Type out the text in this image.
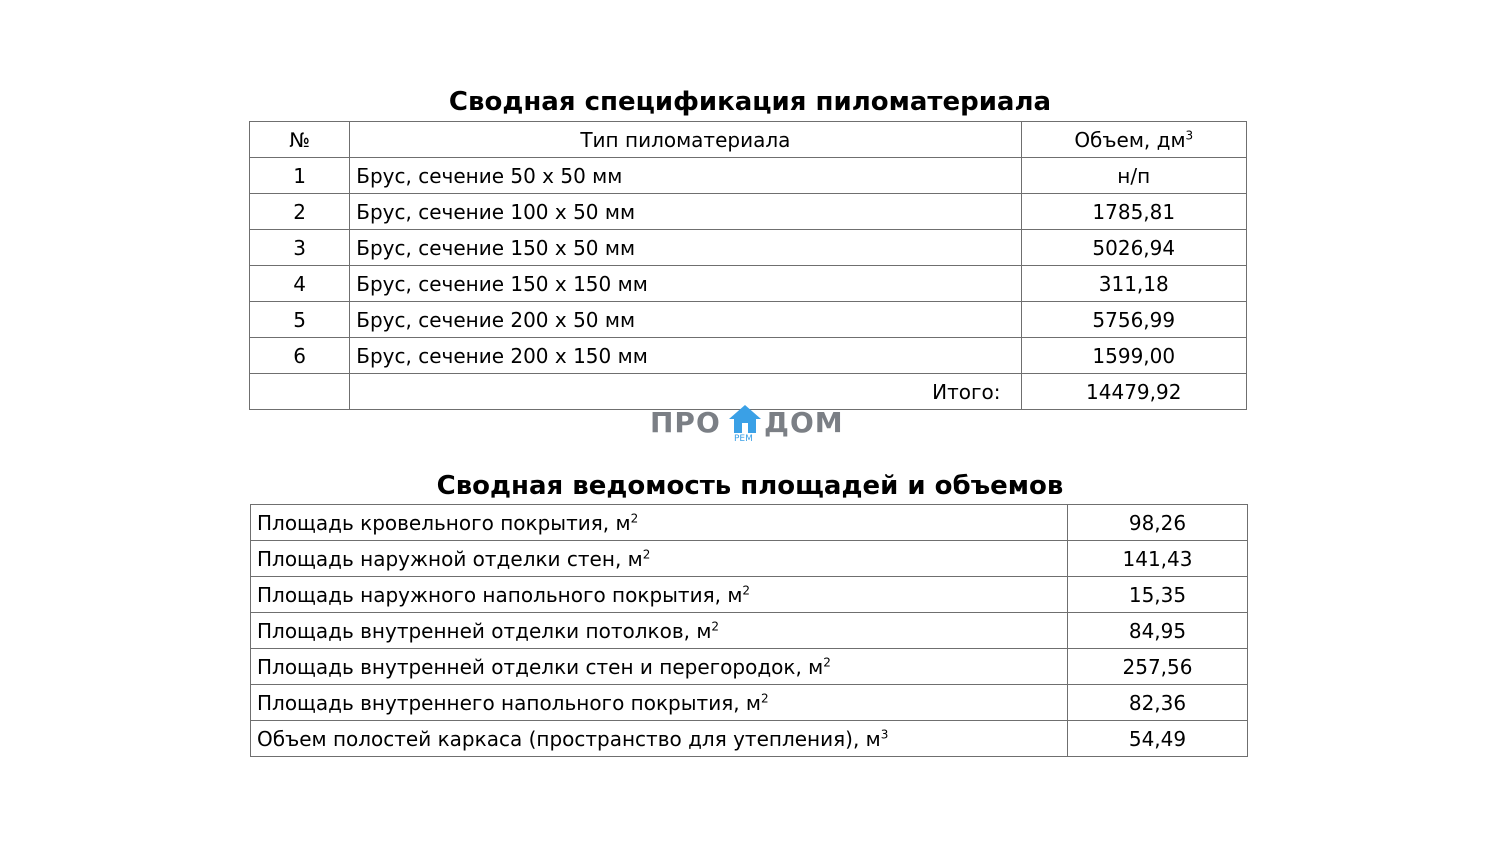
Сводная спецификация пиломатериала
№	Тип пиломатериала	Объем, $дм^3$
1	Брус, сечение 50 х 50 мм	н/п
2	Брус, сечение 100 х 50 мм	1785,81
3	Брус, сечение 150 х 50 мм	5026,94
4	Брус, сечение 150 х 150 мм	311,18
5	Брус, сечение 200 х 50 мм	5756,99
6	Брус, сечение 200 х 150 мм	1599,00
	Итого:	14479,92
ПРО РЕМ ДОМ
Сводная ведомость площадей и объемов
Площадь кровельного покрытия, $м^2$	98,26
Площадь наружной отделки стен, $м^2$	141,43
Площадь наружного напольного покрытия, $м^2$	15,35
Площадь внутренней отделки потолков, $м^2$	84,95
Площадь внутренней отделки стен и перегородок, $м^2$	257,56
Площадь внутреннего напольного покрытия, $м^2$	82,36
Объем полостей каркаса (пространство для утепления), $м^3$	54,49
